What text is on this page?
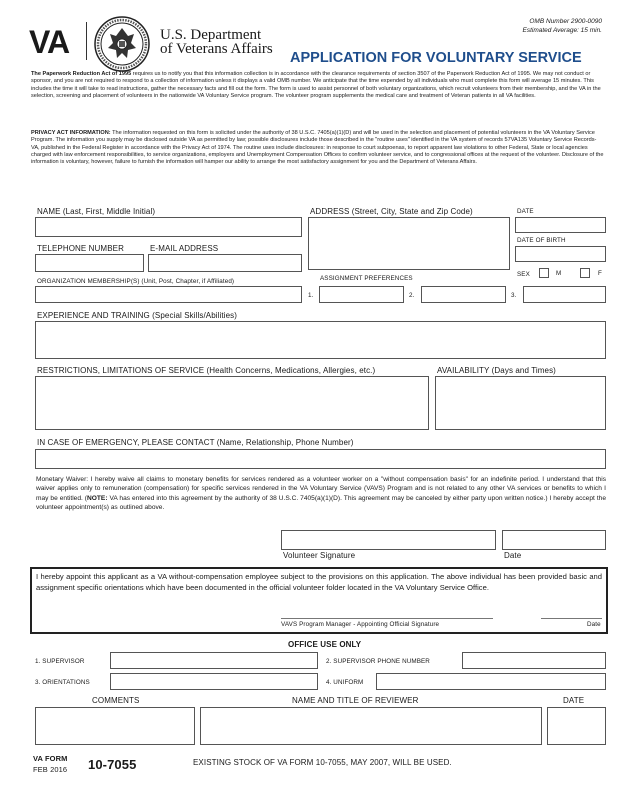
VA	U.S. Department
of Veterans Affairs
OMB Number 2900-0090
Estimated Average: 15 min.
APPLICATION FOR VOLUNTARY SERVICE
The Paperwork Reduction Act of 1995 requires us to notify you that this information collection is in accordance with the clearance requirements of section 3507 of the Paperwork Reduction Act of 1995. We may not conduct or sponsor, and you are not required to respond to a collection of information unless it displays a valid OMB number. We anticipate that the time expended by all individuals who must complete this form will average 15 minutes. This includes the time it will take to read instructions, gather the necessary facts and fill out the form. The form is used to assist personnel of both voluntary organizations, which recruit volunteers from their membership, and the VA in the selection, screening and placement of volunteers in the nationwide VA Voluntary Service program. The volunteer program supplements the medical care and treatment of Veteran patients in all VA facilities.
PRIVACY ACT INFORMATION: The information requested on this form is solicited under the authority of 38 U.S.C. 7405(a)(1)(D) and will be used in the selection and placement of potential volunteers in the VA Voluntary Service Program. The information you supply may be disclosed outside VA as permitted by law; possible disclosures include those described in the "routine uses" identified in the VA system of records 57VA135 Voluntary Service Records-VA, published in the Federal Register in accordance with the Privacy Act of 1974. The routine uses include disclosures: in response to court subpoenas, to report apparent law violations to other Federal, State or local agencies charged with law enforcement responsibilities, to service organizations, employers and Unemployment Compensation Offices to confirm volunteer service, and to congressional offices at the request of the volunteer. Disclosure of the information is voluntary, however, failure to furnish the information will hamper our ability to arrange the most satisfactory assignment for you and the Department of Veterans Affairs.
NAME (Last, First, Middle Initial)	ADDRESS (Street, City, State and Zip Code)	DATE
DATE OF BIRTH
TELEPHONE NUMBER	E-MAIL ADDRESS
SEX	M	F
ORGANIZATION MEMBERSHIP(S) (Unit, Post, Chapter, if Affiliated)	ASSIGNMENT PREFERENCES
1.	2.	3.
EXPERIENCE AND TRAINING (Special Skills/Abilities)
RESTRICTIONS, LIMITATIONS OF SERVICE (Health Concerns, Medications, Allergies, etc.)	AVAILABILITY (Days and Times)
IN CASE OF EMERGENCY, PLEASE CONTACT (Name, Relationship, Phone Number)
Monetary Waiver: I hereby waive all claims to monetary benefits for services rendered as a volunteer worker on a "without compensation basis" for an indefinite period. I understand that this waiver applies only to remuneration (compensation) for specific services rendered in the VA Voluntary Service (VAVS) Program and is not related to any other VA services or benefits to which I may be entitled. (NOTE: VA has entered into this agreement by the authority of 38 U.S.C. 7405(a)(1)(D). This agreement may be canceled by either party upon written notice.) I hereby accept the volunteer appointment(s) as outlined above.
Volunteer Signature	Date
I hereby appoint this applicant as a VA without-compensation employee subject to the provisions on this application. The above individual has been provided basic and assignment specific orientations which have been documented in the official volunteer folder located in the VA Voluntary Service Office.
VAVS Program Manager - Appointing Official Signature	Date
OFFICE USE ONLY
1. SUPERVISOR	2. SUPERVISOR PHONE NUMBER
3. ORIENTATIONS	4. UNIFORM
COMMENTS	NAME AND TITLE OF REVIEWER	DATE
VA FORM
FEB 2016 10-7055	EXISTING STOCK OF VA FORM 10-7055, MAY 2007, WILL BE USED.
